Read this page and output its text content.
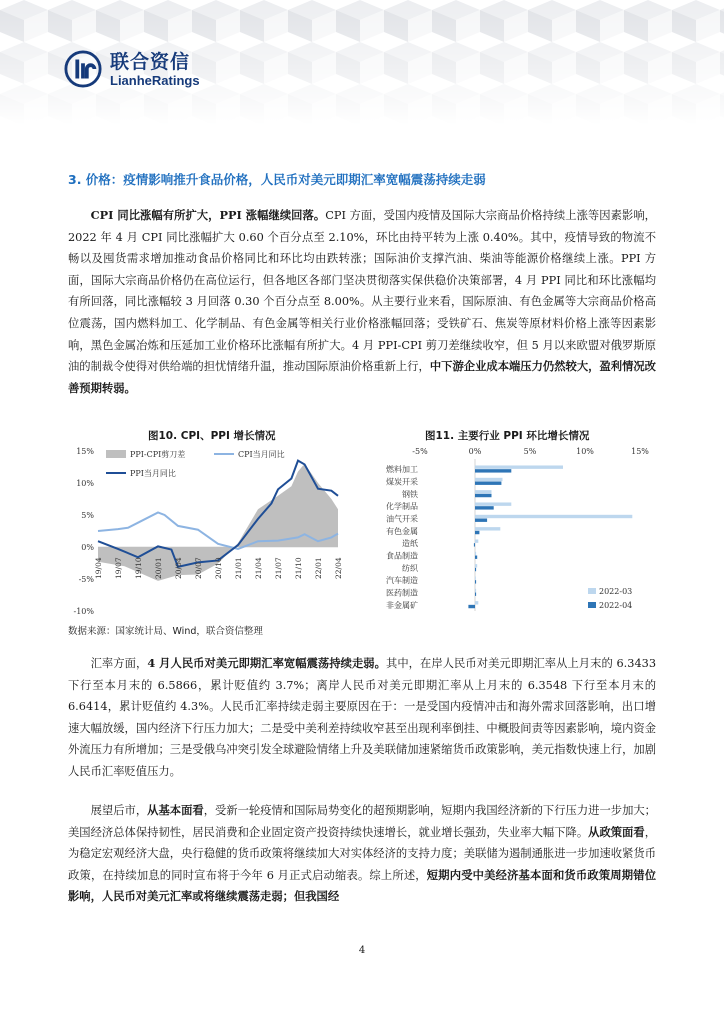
联合资信
LianheRatings
3. 价格：疫情影响推升食品价格，人民币对美元即期汇率宽幅震荡持续走弱
CPI 同比涨幅有所扩大，PPI 涨幅继续回落。CPI 方面，受国内疫情及国际大宗商品价格持续上涨等因素影响，2022 年 4 月 CPI 同比涨幅扩大 0.60 个百分点至 2.10%，环比由持平转为上涨 0.40%。其中，疫情导致的物流不畅以及囤货需求增加推动食品价格同比和环比均由跌转涨；国际油价支撑汽油、柴油等能源价格继续上涨。PPI 方面，国际大宗商品价格仍在高位运行，但各地区各部门坚决贯彻落实保供稳价决策部署，4 月 PPI 同比和环比涨幅均有所回落，同比涨幅较 3 月回落 0.30 个百分点至 8.00%。从主要行业来看，国际原油、有色金属等大宗商品价格高位震荡，国内燃料加工、化学制品、有色金属等相关行业价格涨幅回落；受铁矿石、焦炭等原材料价格上涨等因素影响，黑色金属冶炼和压延加工业价格环比涨幅有所扩大。4 月 PPI-CPI 剪刀差继续收窄，但 5 月以来欧盟对俄罗斯原油的制裁令使得对供给端的担忧情绪升温，推动国际原油价格重新上行，中下游企业成本端压力仍然较大，盈利情况改善预期转弱。
图10. CPI、PPI 增长情况	图11. 主要行业 PPI 环比增长情况
15%
10%
5%
0%
-5%
-10%
19/04 19/07 19/10 20/01 20/04 20/07 20/10 21/01 21/04 21/07 21/10 22/01 22/04
PPI-CPI剪刀差	CPI当月同比
PPI当月同比
-5%	0%	5%	10%	15%
燃料加工
煤炭开采
钢铁
化学制品
油气开采
有色金属
造纸
食品制造
纺织
汽车制造
医药制造
非金属矿
2022-03
2022-04
数据来源：国家统计局、Wind，联合资信整理
汇率方面，4 月人民币对美元即期汇率宽幅震荡持续走弱。其中，在岸人民币对美元即期汇率从上月末的 6.3433 下行至本月末的 6.5866，累计贬值约 3.7%；离岸人民币对美元即期汇率从上月末的 6.3548 下行至本月末的 6.6414，累计贬值约 4.3%。人民币汇率持续走弱主要原因在于：一是受国内疫情冲击和海外需求回落影响，出口增速大幅放缓，国内经济下行压力加大；二是受中美利差持续收窄甚至出现利率倒挂、中概股间责等因素影响，境内资金外流压力有所增加；三是受俄乌冲突引发全球避险情绪上升及美联储加速紧缩货币政策影响，美元指数快速上行，加剧人民币汇率贬值压力。
展望后市，从基本面看，受新一轮疫情和国际局势变化的超预期影响，短期内我国经济新的下行压力进一步加大；美国经济总体保持韧性，居民消费和企业固定资产投资持续快速增长，就业增长强劲，失业率大幅下降。从政策面看，为稳定宏观经济大盘，央行稳健的货币政策将继续加大对实体经济的支持力度；美联储为遏制通胀进一步加速收紧货币政策，在持续加息的同时宣布将于今年 6 月正式启动缩表。综上所述，短期内受中美经济基本面和货币政策周期错位影响，人民币对美元汇率或将继续震荡走弱；但我国经
4
